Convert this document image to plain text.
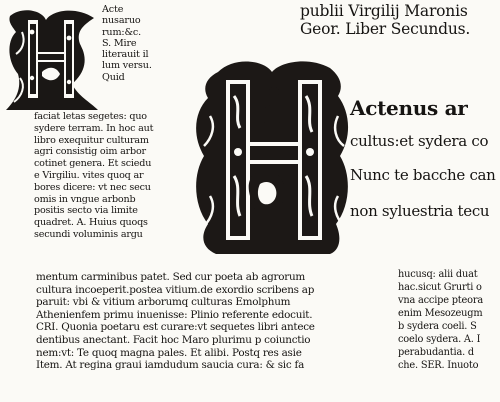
publii Virgilij Maronis
Geor. Liber Secundus.
Acte
nusaruo
rum:&c.
S. Mire
literauit il
lum versu.
Quid
faciat letas segetes: quo
sydere terram. In hoc aut
libro exequitur culturam
agri consistig oim arbor
cotinet genera. Et sciedu
e Virgiliu. vites quoq ar
bores dicere: vt nec secu
omis in vngue arbonb
positis secto via limite
quadret. A. Huius quoqs
secundi voluminis argu
Actenus ar
cultus:et sydera co
Nunc te bacche can
non syluestria tecu
mentum carminibus patet. Sed cur poeta ab agrorum
cultura incoeperit.postea vitium.de exordio scribens ap
paruit: vbi & vitium arborumq culturas Emolphum
Athenienfem primu inuenisse: Plinio referente edocuit.
CRI. Quonia poetaru est curare:vt sequetes libri antece
dentibus anectant. Facit hoc Maro plurimu p coiunctio
nem:vt: Te quoq magna pales. Et alibi. Postq res asie
Item. At regina graui iamdudum saucia cura: & sic fa
hucusq: alii duat
hac.sicut Grurti o
vna accipe pteora
enim Mesozeugm
b sydera coeli. S
coelo sydera. A. I
perabudantia. d
che. SER. Inuoto
